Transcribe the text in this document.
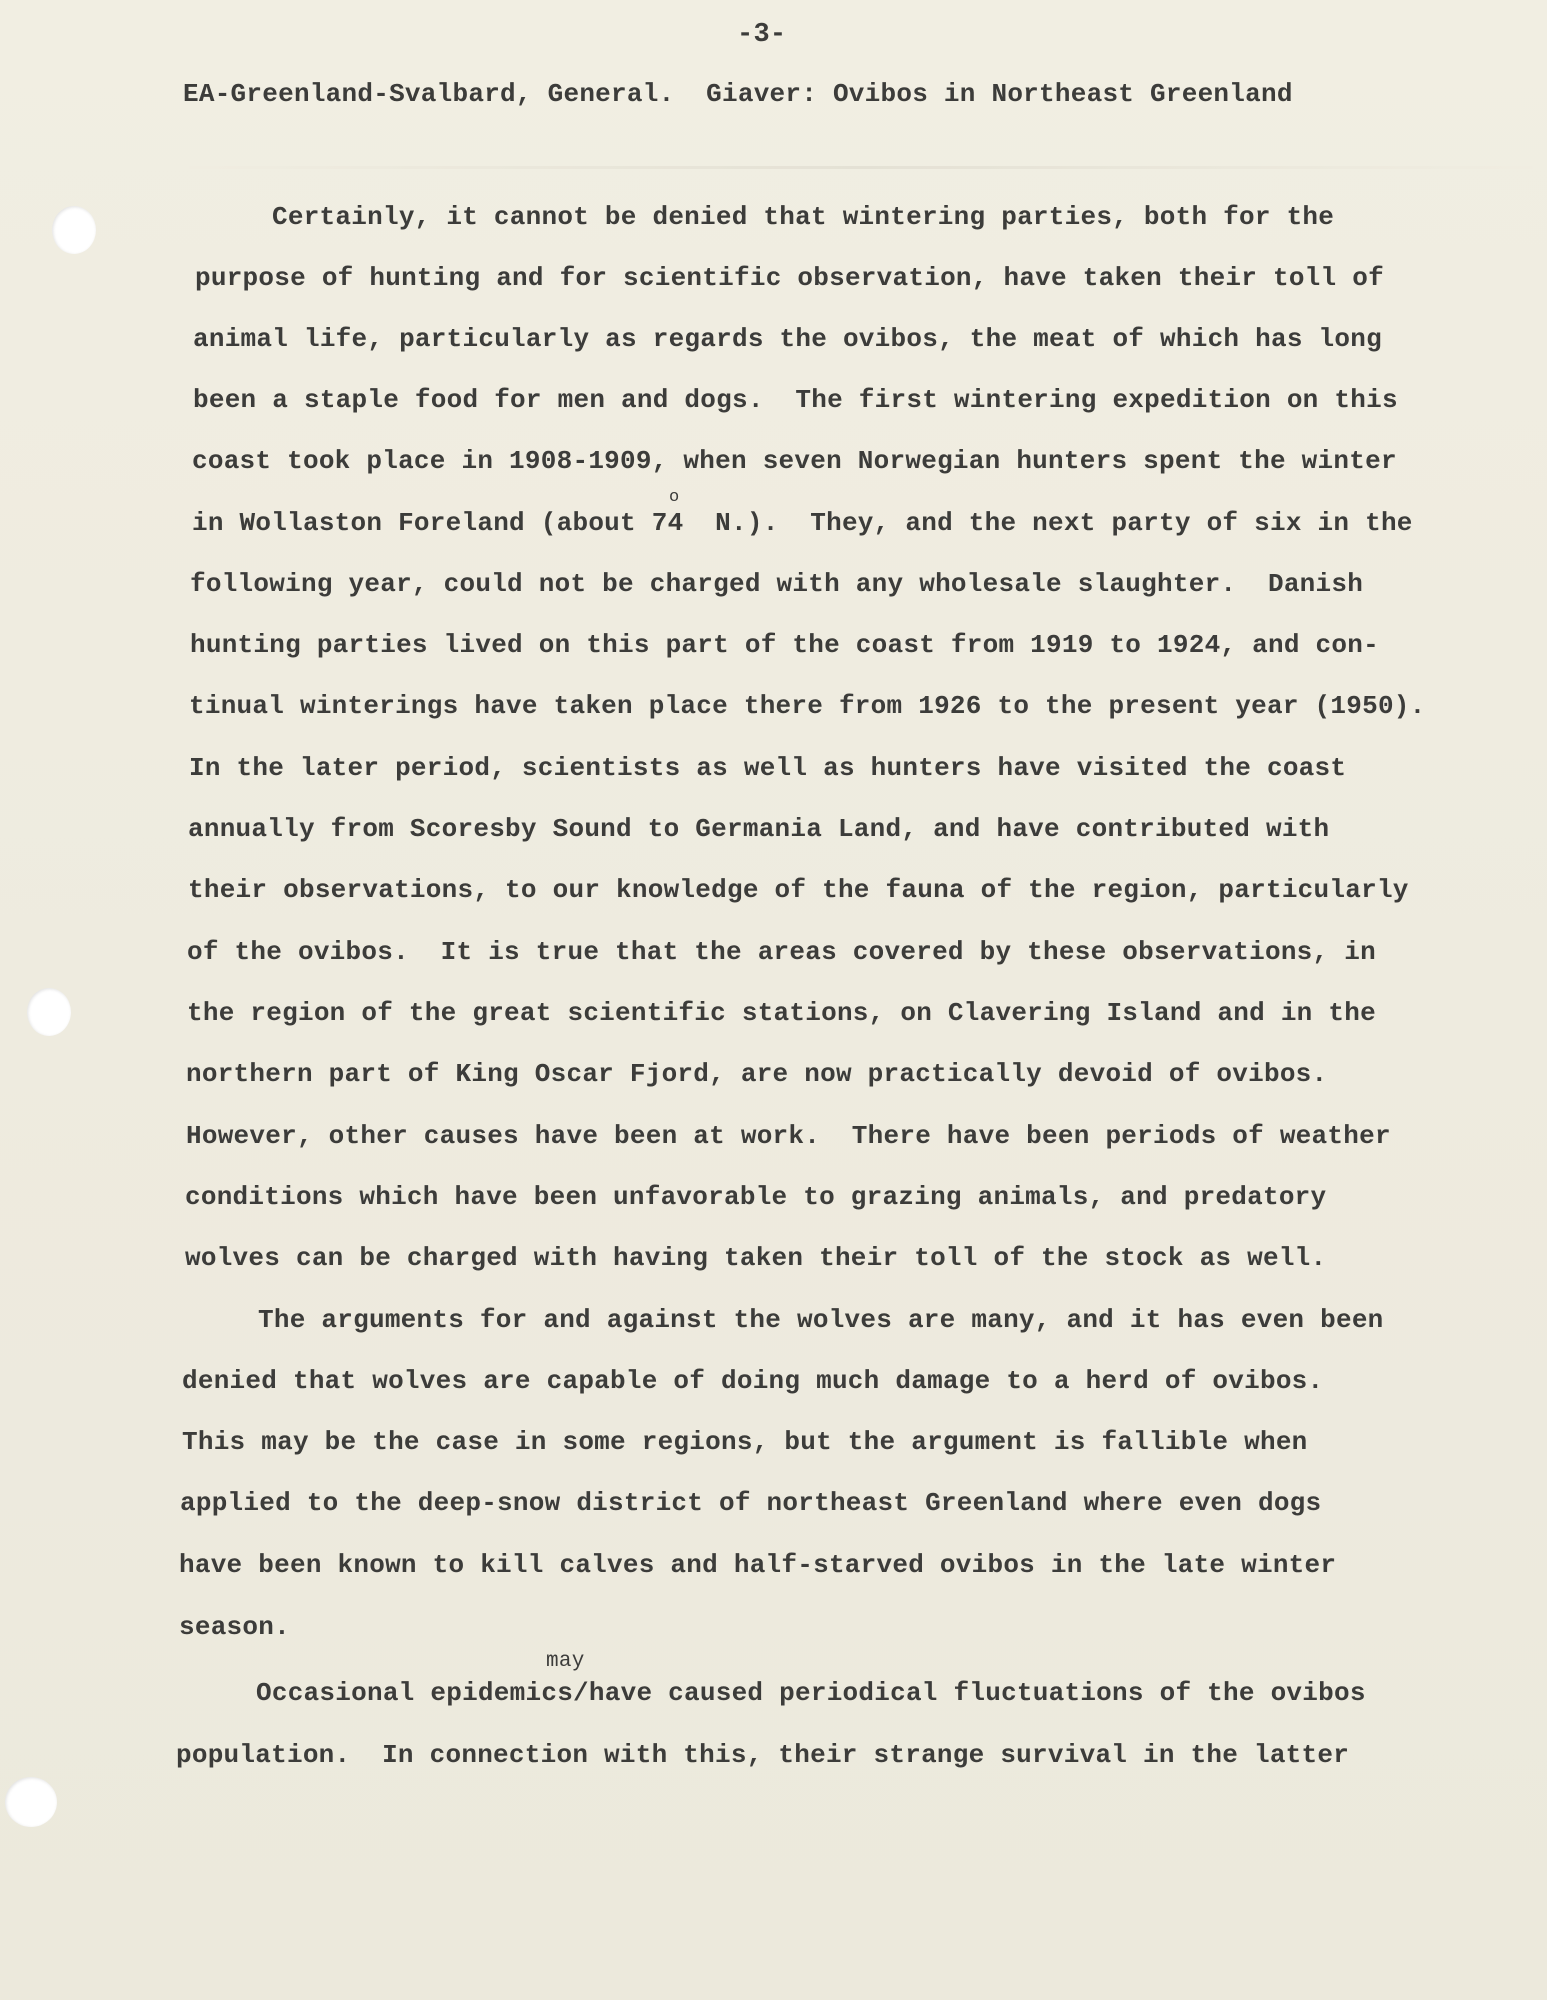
-3-
EA-Greenland-Svalbard, General.  Giaver: Ovibos in Northeast Greenland
Certainly, it cannot be denied that wintering parties, both for the
purpose of hunting and for scientific observation, have taken their toll of
animal life, particularly as regards the ovibos, the meat of which has long
been a staple food for men and dogs.  The first wintering expedition on this
coast took place in 1908-1909, when seven Norwegian hunters spent the winter
o
in Wollaston Foreland (about 74  N.).  They, and the next party of six in the
following year, could not be charged with any wholesale slaughter.  Danish
hunting parties lived on this part of the coast from 1919 to 1924, and con-
tinual winterings have taken place there from 1926 to the present year (1950).
In the later period, scientists as well as hunters have visited the coast
annually from Scoresby Sound to Germania Land, and have contributed with
their observations, to our knowledge of the fauna of the region, particularly
of the ovibos.  It is true that the areas covered by these observations, in
the region of the great scientific stations, on Clavering Island and in the
northern part of King Oscar Fjord, are now practically devoid of ovibos.
However, other causes have been at work.  There have been periods of weather
conditions which have been unfavorable to grazing animals, and predatory
wolves can be charged with having taken their toll of the stock as well.
The arguments for and against the wolves are many, and it has even been
denied that wolves are capable of doing much damage to a herd of ovibos.
This may be the case in some regions, but the argument is fallible when
applied to the deep-snow district of northeast Greenland where even dogs
have been known to kill calves and half-starved ovibos in the late winter
season.
may
Occasional epidemics/have caused periodical fluctuations of the ovibos
population.  In connection with this, their strange survival in the latter
